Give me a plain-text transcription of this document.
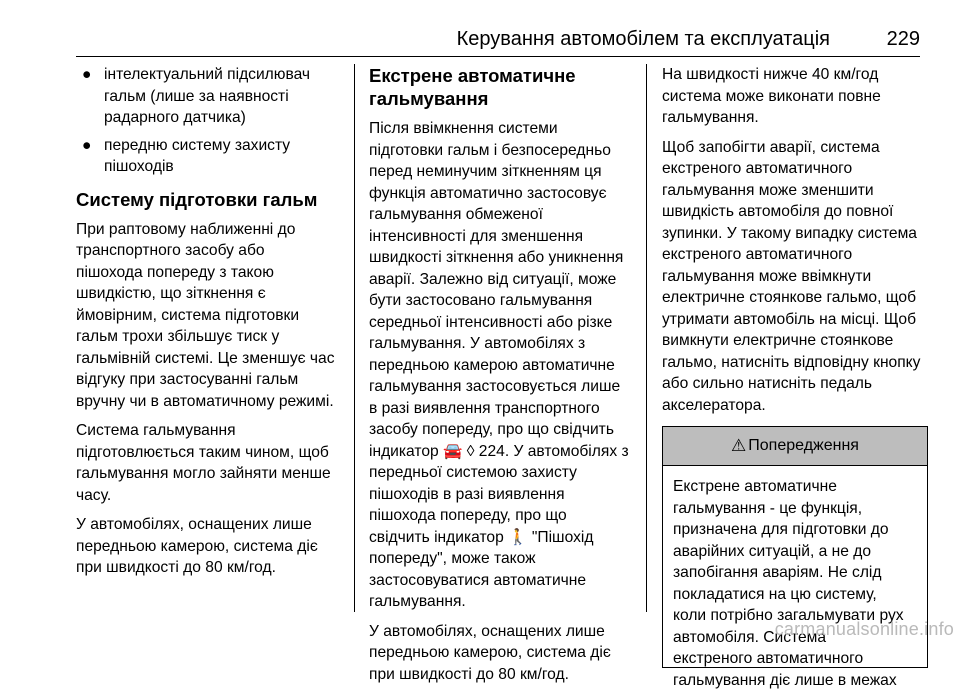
Керування автомобілем та експлуатація	229
● інтелектуальний підсилювач
гальм (лише за наявності
радарного датчика)
● передню систему захисту
пішоходів
Систему підготовки гальм

При раптовому наближенні до
транспортного засобу або
пішохода попереду з такою
швидкістю, що зіткнення є
ймовірним, система підготовки
гальм трохи збільшує тиск у
гальмівній системі. Це зменшує час
відгуку при застосуванні гальм
вручну чи в автоматичному режимі.

Система гальмування
підготовлюється таким чином, щоб
гальмування могло зайняти менше
часу.

У автомобілях, оснащених лише
передньою камерою, система діє
при швидкості до 80 км/год.

Екстрене автоматичне
гальмування

Після ввімкнення системи
підготовки гальм і безпосередньо
перед неминучим зіткненням ця
функція автоматично застосовує
гальмування обмеженої
інтенсивності для зменшення
швидкості зіткнення або уникнення
аварії. Залежно від ситуації, може
бути застосовано гальмування
середньої інтенсивності або різке
гальмування. У автомобілях з
передньою камерою автоматичне
гальмування застосовується лише
в разі виявлення транспортного
засобу попереду, про що свідчить
індикатор 🚘 ◊ 224. У автомобілях з
передньої системою захисту
пішоходів в разі виявлення
пішохода попереду, про що
свідчить індикатор 🚶 "Пішохід
попереду", може також
застосовуватися автоматичне
гальмування.

У автомобілях, оснащених лише
передньою камерою, система діє
при швидкості до 80 км/год.

На швидкості нижче 40 км/год
система може виконати повне
гальмування.

Щоб запобігти аварії, система
екстреного автоматичного
гальмування може зменшити
швидкість автомобіля до повної
зупинки. У такому випадку система
екстреного автоматичного
гальмування може ввімкнути
електричне стоянкове гальмо, щоб
утримати автомобіль на місці. Щоб
вимкнути електричне стоянкове
гальмо, натисніть відповідну кнопку
або сильно натисніть педаль
акселератора.

⚠ Попередження
Екстрене автоматичне
гальмування - це функція,
призначена для підготовки до
аварійних ситуацій, а не до
запобігання аваріям. Не слід
покладатися на цю систему,
коли потрібно загальмувати рух
автомобіля. Система
екстреного автоматичного
гальмування діє лише в межах
carmanualsonline.info
